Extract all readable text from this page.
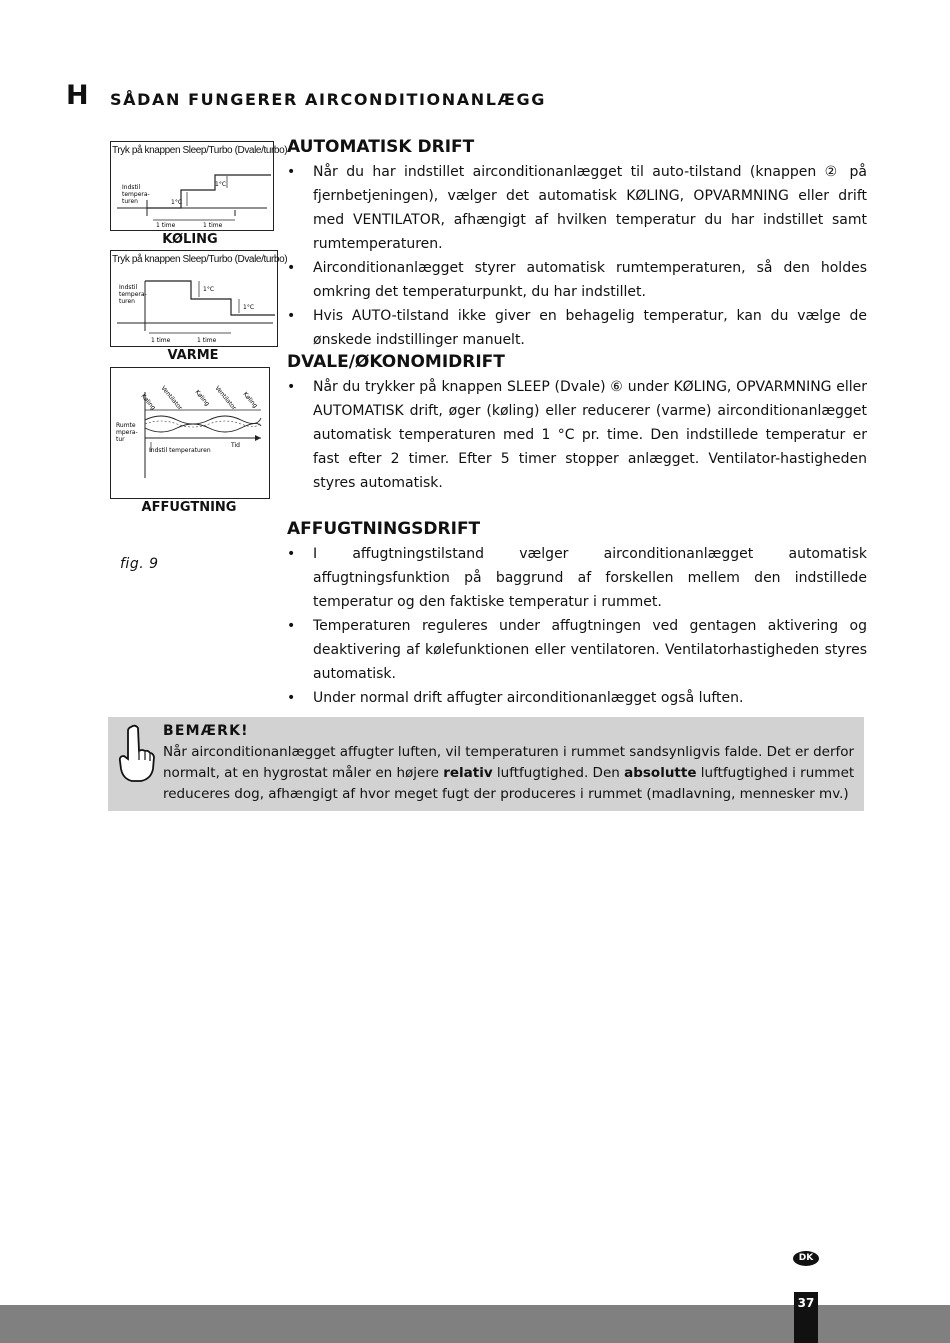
H SÅDAN FUNGERER AIRCONDITIONANLÆGG
Tryk på knappen Sleep/Turbo (Dvale/turbo)
Indstil
tempera-
turen	1°C
1°C
1 time	1 time
KØLING
Tryk på knappen Sleep/Turbo (Dvale/turbo)
Indstil
tempera-
turen
1°C
1°C
1 time	1 time
VARME
Rumte
mpera-
tur
Køling Ventilator Køling Ventilator Køling
Tid
Indstil temperaturen
AFFUGTNING
fig. 9
AUTOMATISK DRIFT
• Når du har indstillet airconditionanlægget til auto-tilstand (knappen ② på fjernbetjeningen), vælger det automatisk KØLING, OPVARMNING eller drift med VENTILATOR, afhængigt af hvilken temperatur du har indstillet samt rumtemperaturen.
• Airconditionanlægget styrer automatisk rumtemperaturen, så den holdes omkring det temperaturpunkt, du har indstillet.
• Hvis AUTO-tilstand ikke giver en behagelig temperatur, kan du vælge de ønskede indstillinger manuelt.
DVALE/ØKONOMIDRIFT
• Når du trykker på knappen SLEEP (Dvale) ⑥ under KØLING, OPVARMNING eller AUTOMATISK drift, øger (køling) eller reducerer (varme) airconditionanlægget automatisk temperaturen med 1 °C pr. time. Den indstillede temperatur er fast efter 2 timer. Efter 5 timer stopper anlægget. Ventilator-hastigheden styres automatisk.
AFFUGTNINGSDRIFT
• I affugtningstilstand vælger airconditionanlægget automatisk affugtningsfunktion på baggrund af forskellen mellem den indstillede temperatur og den faktiske temperatur i rummet.
• Temperaturen reguleres under affugtningen ved gentagen aktivering og deaktivering af kølefunktionen eller ventilatoren. Ventilatorhastigheden styres automatisk.
• Under normal drift affugter airconditionanlægget også luften.
BEMÆRK!
Når airconditionanlægget affugter luften, vil temperaturen i rummet sandsynligvis falde. Det er derfor normalt, at en hygrostat måler en højere relativ luftfugtighed. Den absolutte luftfugtighed i rummet reduceres dog, afhængigt af hvor meget fugt der produceres i rummet (madlavning, mennesker mv.)
DK
37
